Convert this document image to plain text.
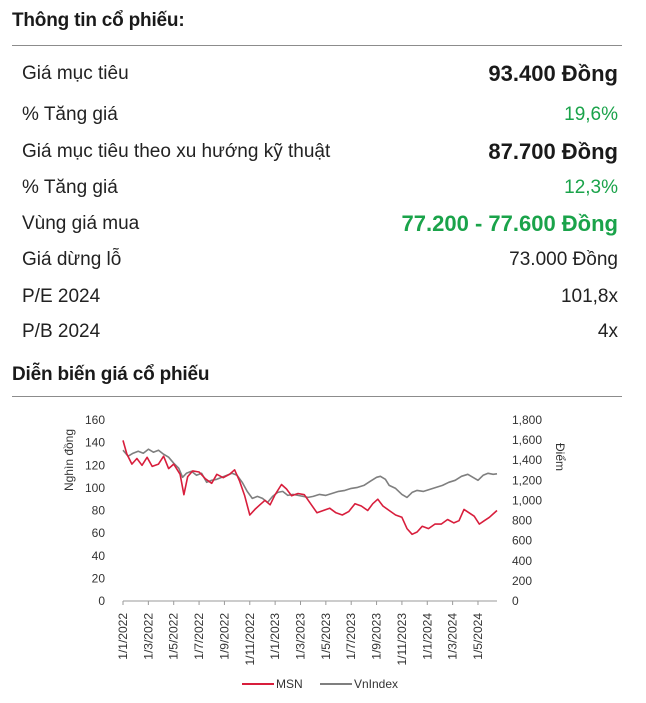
Thông tin cổ phiếu:
Giá mục tiêu	93.400 Đồng
% Tăng giá	19,6%
Giá mục tiêu theo xu hướng kỹ thuật	87.700 Đồng
% Tăng giá	12,3%
Vùng giá mua	77.200 - 77.600 Đồng
Giá dừng lỗ	73.000 Đồng
P/E 2024	101,8x
P/B 2024	4x
Diễn biến giá cổ phiếu
0
20
40
60
80
100
120
140
160
0
200
400
600
800
1,000
1,200
1,400
1,600
1,800
1/1/2022 1/3/2022 1/5/2022 1/7/2022 1/9/2022 1/11/2022 1/1/2023 1/3/2023 1/5/2023 1/7/2023 1/9/2023 1/11/2023 1/1/2024 1/3/2024 1/5/2024
Nghìn đồng	Điểm
MSN	VnIndex
